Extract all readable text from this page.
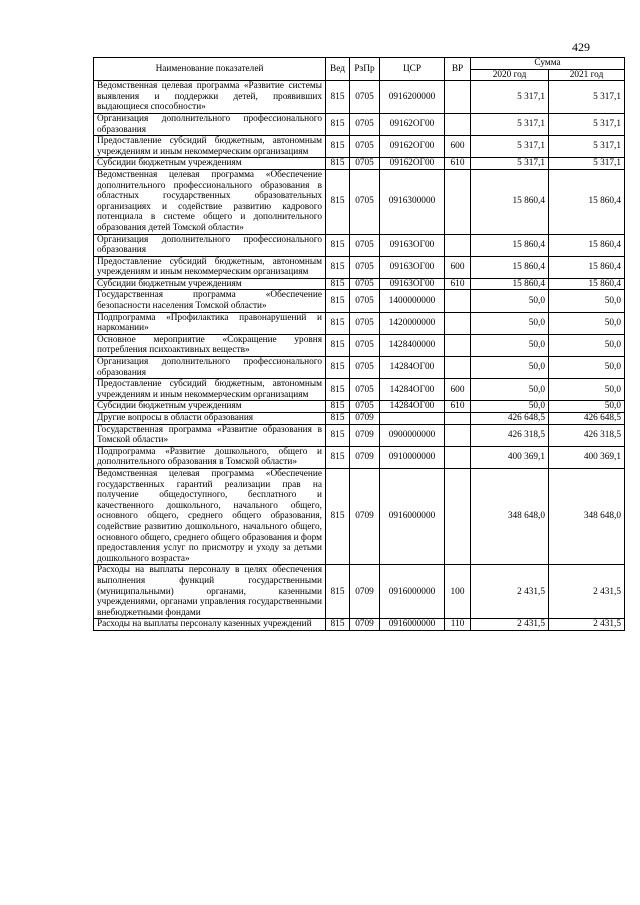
429
Наименование показателей	Вед	РзПр	ЦСР	ВР	Сумма	
					2020 год	2021 год
Ведомственная целевая программа «Развитие системы выявления и поддержки детей, проявивших выдающиеся способности»	815	0705	0916200000		5 317,1	5 317,1
Организация дополнительного профессионального образования	815	0705	09162ОГ00		5 317,1	5 317,1
Предоставление субсидий бюджетным, автономным учреждениям и иным некоммерческим организациям	815	0705	09162ОГ00	600	5 317,1	5 317,1
Субсидии бюджетным учреждениям	815	0705	09162ОГ00	610	5 317,1	5 317,1
Ведомственная целевая программа «Обеспечение дополнительного профессионального образования в областных государственных образовательных организациях и содействие развитию кадрового потенциала в системе общего и дополнительного образования детей Томской области»	815	0705	0916300000		15 860,4	15 860,4
Организация дополнительного профессионального образования	815	0705	09163ОГ00		15 860,4	15 860,4
Предоставление субсидий бюджетным, автономным учреждениям и иным некоммерческим организациям	815	0705	09163ОГ00	600	15 860,4	15 860,4
Субсидии бюджетным учреждениям	815	0705	09163ОГ00	610	15 860,4	15 860,4
Государственная программа «Обеспечение безопасности населения Томской области»	815	0705	1400000000		50,0	50,0
Подпрограмма «Профилактика правонарушений и наркомании»	815	0705	1420000000		50,0	50,0
Основное мероприятие «Сокращение уровня потребления психоактивных веществ»	815	0705	1428400000		50,0	50,0
Организация дополнительного профессионального образования	815	0705	14284ОГ00		50,0	50,0
Предоставление субсидий бюджетным, автономным учреждениям и иным некоммерческим организациям	815	0705	14284ОГ00	600	50,0	50,0
Субсидии бюджетным учреждениям	815	0705	14284ОГ00	610	50,0	50,0
Другие вопросы в области образования	815	0709			426 648,5	426 648,5
Государственная программа «Развитие образования в Томской области»	815	0709	0900000000		426 318,5	426 318,5
Подпрограмма «Развитие дошкольного, общего и дополнительного образования в Томской области»	815	0709	0910000000		400 369,1	400 369,1
Ведомственная целевая программа «Обеспечение государственных гарантий реализации прав на получение общедоступного, бесплатного и качественного дошкольного, начального общего, основного общего, среднего общего образования, содействие развитию дошкольного, начального общего, основного общего, среднего общего образования и форм предоставления услуг по присмотру и уходу за детьми дошкольного возраста»	815	0709	0916000000		348 648,0	348 648,0
Расходы на выплаты персоналу в целях обеспечения выполнения функций государственными (муниципальными) органами, казенными учреждениями, органами управления государственными внебюджетными фондами	815	0709	0916000000	100	2 431,5	2 431,5
Расходы на выплаты персоналу казенных учреждений	815	0709	0916000000	110	2 431,5	2 431,5
